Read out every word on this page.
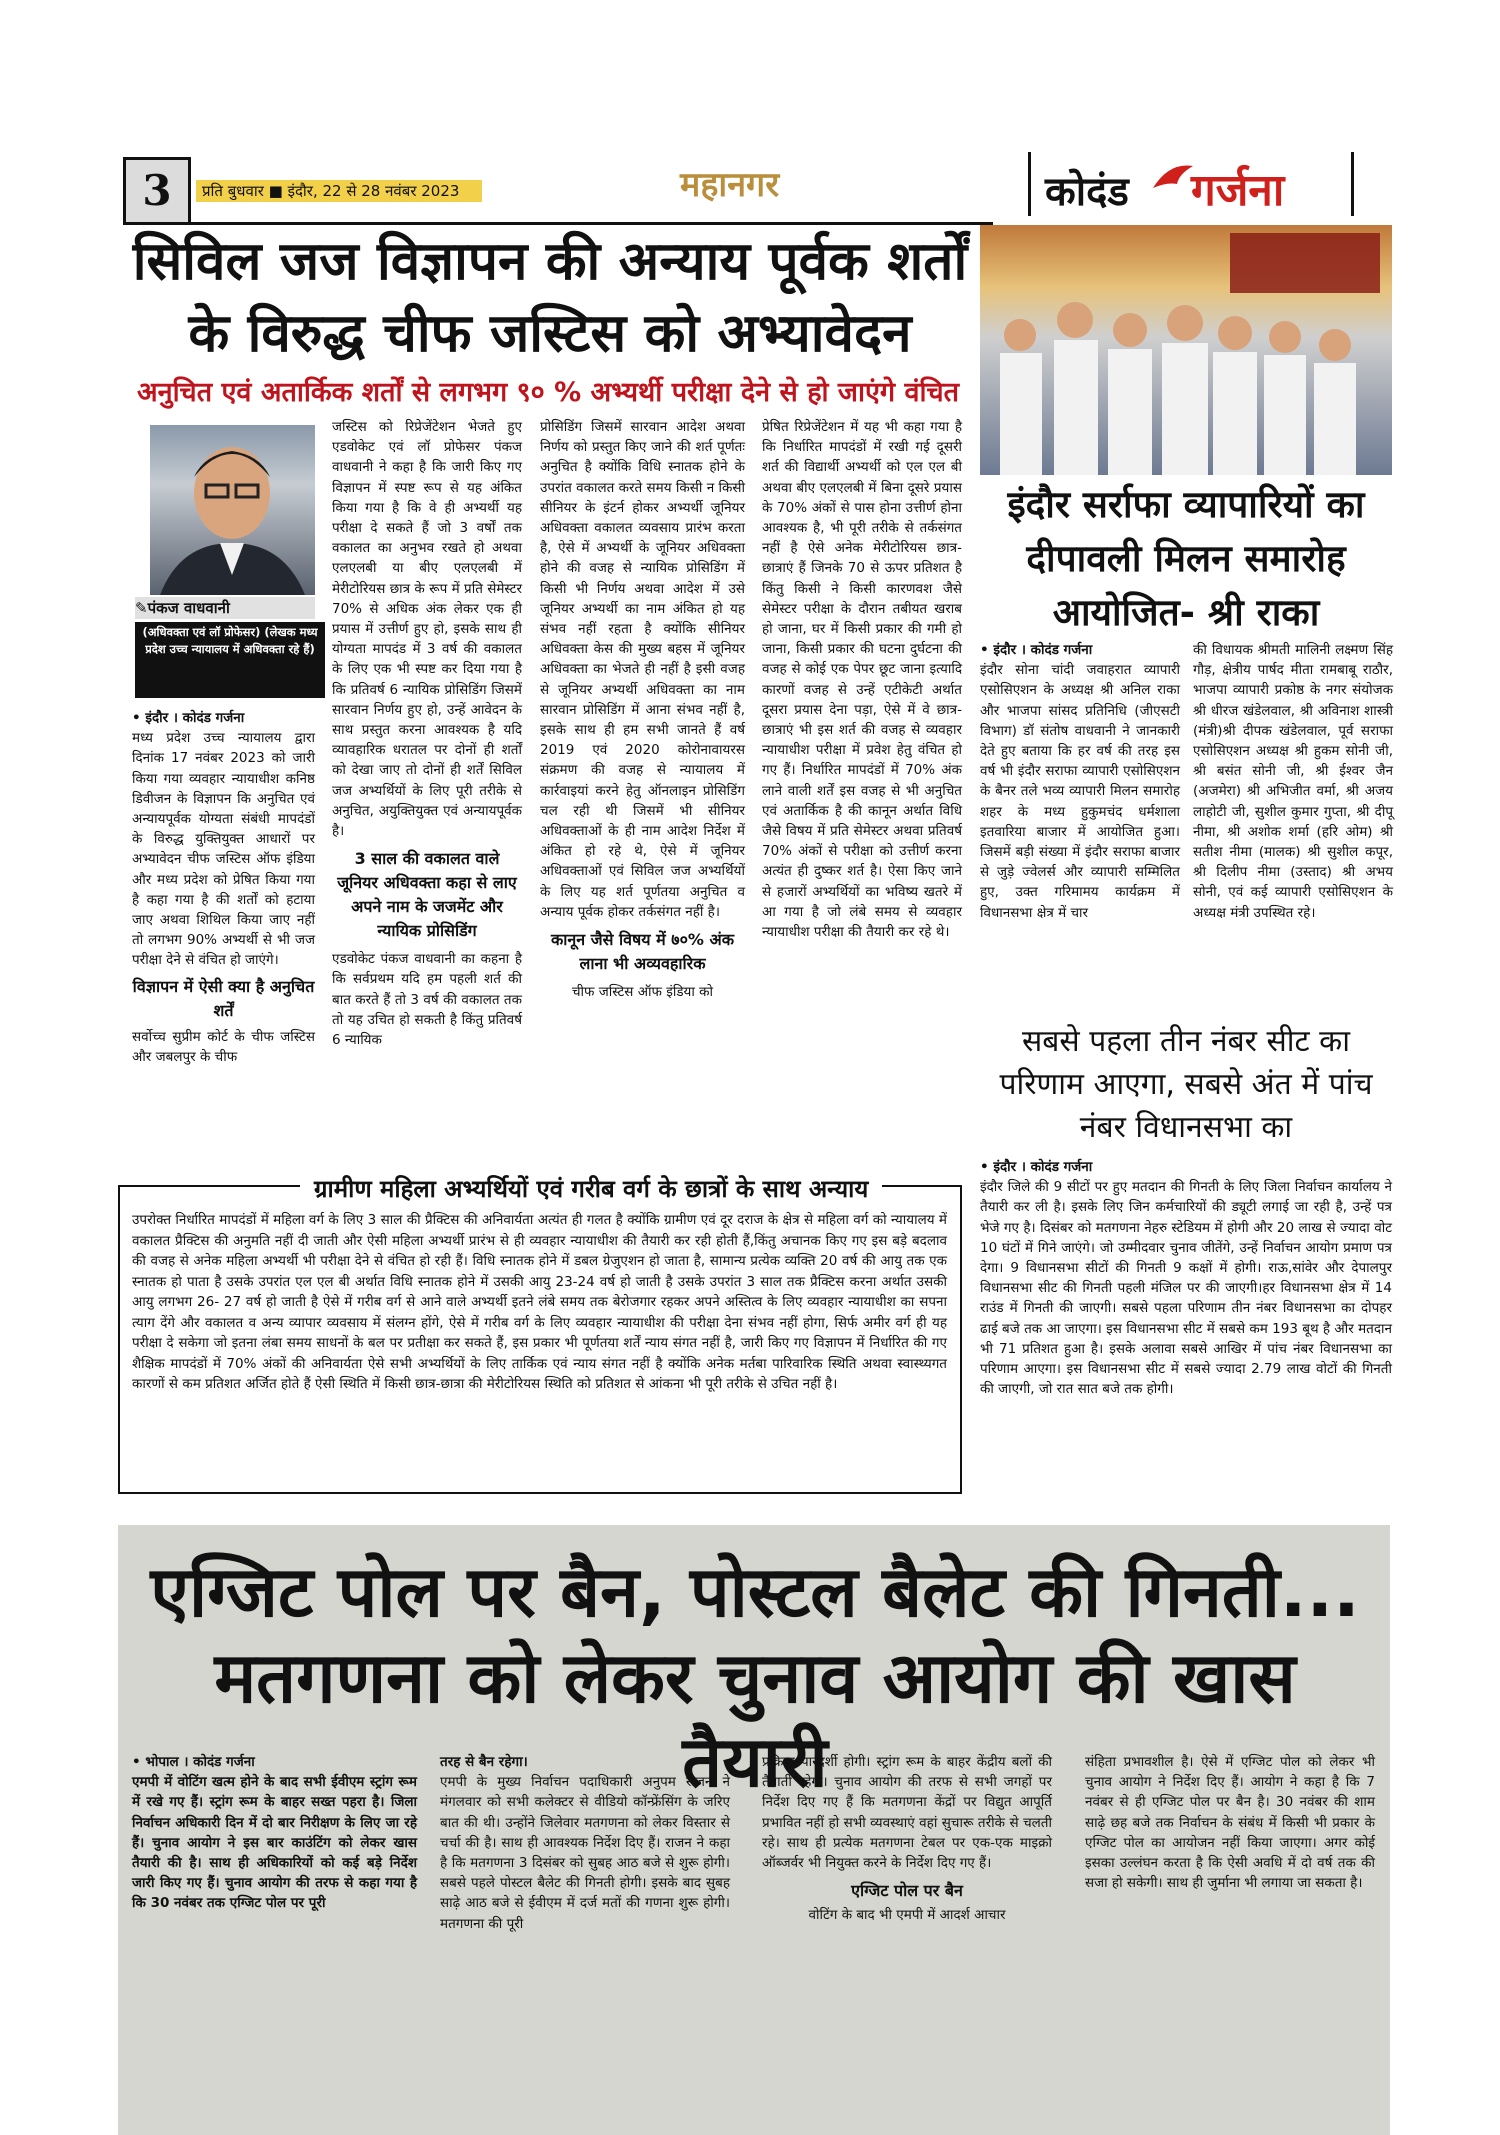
3	प्रति बुधवार ■ इंदौर, 22 से 28 नवंबर 2023	महानगर	कोदंड गर्जना
सिविल जज विज्ञापन की अन्याय पूर्वक शर्तों
के विरुद्ध चीफ जस्टिस को अभ्यावेदन
अनुचित एवं अतार्किक शर्तों से लगभग ९० % अभ्यर्थी परीक्षा देने से हो जाएंगे वंचित
✎पंकज वाधवानी
(अधिवक्ता एवं लॉ प्रोफेसर) (लेखक मध्य प्रदेश उच्च न्यायालय में अधिवक्ता रहे हैं)

• इंदौर । कोदंड गर्जना

मध्य प्रदेश उच्च न्यायालय द्वारा दिनांक 17 नवंबर 2023 को जारी किया गया व्यवहार न्यायाधीश कनिष्ठ डिवीजन के विज्ञापन कि अनुचित एवं अन्यायपूर्वक योग्यता संबंधी मापदंडों के विरुद्ध युक्तियुक्त आधारों पर अभ्यावेदन चीफ जस्टिस ऑफ इंडिया और मध्य प्रदेश को प्रेषित किया गया है कहा गया है की शर्तों को हटाया जाए अथवा शिथिल किया जाए नहीं तो लगभग 90% अभ्यर्थी से भी जज परीक्षा देने से वंचित हो जाएंगे।

विज्ञापन में ऐसी क्या है अनुचित शर्तें

सर्वोच्च सुप्रीम कोर्ट के चीफ जस्टिस और जबलपुर के चीफ

जस्टिस को रिप्रेजेंटेशन भेजते हुए एडवोकेट एवं लॉ प्रोफेसर पंकज वाधवानी ने कहा है कि जारी किए गए विज्ञापन में स्पष्ट रूप से यह अंकित किया गया है कि वे ही अभ्यर्थी यह परीक्षा दे सकते हैं जो 3 वर्षों तक वकालत का अनुभव रखते हो अथवा एलएलबी या बीए एलएलबी में मेरीटोरियस छात्र के रूप में प्रति सेमेस्टर 70% से अधिक अंक लेकर एक ही प्रयास में उत्तीर्ण हुए हो, इसके साथ ही योग्यता मापदंड में 3 वर्ष की वकालत के लिए एक भी स्पष्ट कर दिया गया है कि प्रतिवर्ष 6 न्यायिक प्रोसिडिंग जिसमें सारवान निर्णय हुए हो, उन्हें आवेदन के साथ प्रस्तुत करना आवश्यक है यदि व्यावहारिक धरातल पर दोनों ही शर्तों को देखा जाए तो दोनों ही शर्तें सिविल जज अभ्यर्थियों के लिए पूरी तरीके से अनुचित, अयुक्तियुक्त एवं अन्यायपूर्वक है।

3 साल की वकालत वाले जूनियर अधिवक्ता कहा से लाए अपने नाम के जजमेंट और न्यायिक प्रोसिडिंग

एडवोकेट पंकज वाधवानी का कहना है कि सर्वप्रथम यदि हम पहली शर्त की बात करते हैं तो 3 वर्ष की वकालत तक तो यह उचित हो सकती है किंतु प्रतिवर्ष 6 न्यायिक

प्रोसिडिंग जिसमें सारवान आदेश अथवा निर्णय को प्रस्तुत किए जाने की शर्त पूर्णतः अनुचित है क्योंकि विधि स्नातक होने के उपरांत वकालत करते समय किसी न किसी सीनियर के इंटर्न होकर अभ्यर्थी जूनियर अधिवक्ता वकालत व्यवसाय प्रारंभ करता है, ऐसे में अभ्यर्थी के जूनियर अधिवक्ता होने की वजह से न्यायिक प्रोसिडिंग में किसी भी निर्णय अथवा आदेश में उसे जूनियर अभ्यर्थी का नाम अंकित हो यह संभव नहीं रहता है क्योंकि सीनियर अधिवक्ता केस की मुख्य बहस में जूनियर अधिवक्ता का भेजते ही नहीं है इसी वजह से जूनियर अभ्यर्थी अधिवक्ता का नाम सारवान प्रोसिडिंग में आना संभव नहीं है, इसके साथ ही हम सभी जानते हैं वर्ष 2019 एवं 2020 कोरोनावायरस संक्रमण की वजह से न्यायालय में कार्रवाइयां करने हेतु ऑनलाइन प्रोसिडिंग चल रही थी जिसमें भी सीनियर अधिवक्ताओं के ही नाम आदेश निर्देश में अंकित हो रहे थे, ऐसे में जूनियर अधिवक्ताओं एवं सिविल जज अभ्यर्थियों के लिए यह शर्त पूर्णतया अनुचित व अन्याय पूर्वक होकर तर्कसंगत नहीं है।

कानून जैसे विषय में ७०% अंक लाना भी अव्यवहारिक

चीफ जस्टिस ऑफ इंडिया को

प्रेषित रिप्रेजेंटेशन में यह भी कहा गया है कि निर्धारित मापदंडों में रखी गई दूसरी शर्त की विद्यार्थी अभ्यर्थी को एल एल बी अथवा बीए एलएलबी में बिना दूसरे प्रयास के 70% अंकों से पास होना उत्तीर्ण होना आवश्यक है, भी पूरी तरीके से तर्कसंगत नहीं है ऐसे अनेक मेरीटोरियस छात्र-छात्राएं हैं जिनके 70 से ऊपर प्रतिशत है किंतु किसी ने किसी कारणवश जैसे सेमेस्टर परीक्षा के दौरान तबीयत खराब हो जाना, घर में किसी प्रकार की गमी हो जाना, किसी प्रकार की घटना दुर्घटना की वजह से कोई एक पेपर छूट जाना इत्यादि कारणों वजह से उन्हें एटीकेटी अर्थात दूसरा प्रयास देना पड़ा, ऐसे में वे छात्र-छात्राएं भी इस शर्त की वजह से व्यवहार न्यायाधीश परीक्षा में प्रवेश हेतु वंचित हो गए हैं। निर्धारित मापदंडों में 70% अंक लाने वाली शर्तें इस वजह से भी अनुचित एवं अतार्किक है की कानून अर्थात विधि जैसे विषय में प्रति सेमेस्टर अथवा प्रतिवर्ष 70% अंकों से परीक्षा को उत्तीर्ण करना अत्यंत ही दुष्कर शर्त है। ऐसा किए जाने से हजारों अभ्यर्थियों का भविष्य खतरे में आ गया है जो लंबे समय से व्यवहार न्यायाधीश परीक्षा की तैयारी कर रहे थे।

ग्रामीण महिला अभ्यर्थियों एवं गरीब वर्ग के छात्रों के साथ अन्याय

उपरोक्त निर्धारित मापदंडों में महिला वर्ग के लिए 3 साल की प्रैक्टिस की अनिवार्यता अत्यंत ही गलत है क्योंकि ग्रामीण एवं दूर दराज के क्षेत्र से महिला वर्ग को न्यायालय में वकालत प्रैक्टिस की अनुमति नहीं दी जाती और ऐसी महिला अभ्यर्थी प्रारंभ से ही व्यवहार न्यायाधीश की तैयारी कर रही होती हैं,किंतु अचानक किए गए इस बड़े बदलाव की वजह से अनेक महिला अभ्यर्थी भी परीक्षा देने से वंचित हो रही हैं। विधि स्नातक होने में डबल ग्रेजुएशन हो जाता है, सामान्य प्रत्येक व्यक्ति 20 वर्ष की आयु तक एक स्नातक हो पाता है उसके उपरांत एल एल बी अर्थात विधि स्नातक होने में उसकी आयु 23-24 वर्ष हो जाती है उसके उपरांत 3 साल तक प्रैक्टिस करना अर्थात उसकी आयु लगभग 26- 27 वर्ष हो जाती है ऐसे में गरीब वर्ग से आने वाले अभ्यर्थी इतने लंबे समय तक बेरोजगार रहकर अपने अस्तित्व के लिए व्यवहार न्यायाधीश का सपना त्याग देंगे और वकालत व अन्य व्यापार व्यवसाय में संलग्न होंगे, ऐसे में गरीब वर्ग के लिए व्यवहार न्यायाधीश की परीक्षा देना संभव नहीं होगा, सिर्फ अमीर वर्ग ही यह परीक्षा दे सकेगा जो इतना लंबा समय साधनों के बल पर प्रतीक्षा कर सकते हैं, इस प्रकार भी पूर्णतया शर्तें न्याय संगत नहीं है, जारी किए गए विज्ञापन में निर्धारित की गए शैक्षिक मापदंडों में 70% अंकों की अनिवार्यता ऐसे सभी अभ्यर्थियों के लिए तार्किक एवं न्याय संगत नहीं है क्योंकि अनेक मर्तबा पारिवारिक स्थिति अथवा स्वास्थ्यगत कारणों से कम प्रतिशत अर्जित होते हैं ऐसी स्थिति में किसी छात्र-छात्रा की मेरीटोरियस स्थिति को प्रतिशत से आंकना भी पूरी तरीके से उचित नहीं है।

इंदौर सर्राफा व्यापारियों का दीपावली मिलन समारोह आयोजित- श्री राका

• इंदौर । कोदंड गर्जना

इंदौर सोना चांदी जवाहरात व्यापारी एसोसिएशन के अध्यक्ष श्री अनिल राका और भाजपा सांसद प्रतिनिधि (जीएसटी विभाग) डॉ संतोष वाधवानी ने जानकारी देते हुए बताया कि हर वर्ष की तरह इस वर्ष भी इंदौर सराफा व्यापारी एसोसिएशन के बैनर तले भव्य व्यापारी मिलन समारोह शहर के मध्य हुकुमचंद धर्मशाला इतवारिया बाजार में आयोजित हुआ। जिसमें बड़ी संख्या में इंदौर सराफा बाजार से जुड़े ज्वेलर्स और व्यापारी सम्मिलित हुए, उक्त गरिमामय कार्यक्रम में विधानसभा क्षेत्र में चार

की विधायक श्रीमती मालिनी लक्ष्मण सिंह गौड़, क्षेत्रीय पार्षद मीता रामबाबू राठौर, भाजपा व्यापारी प्रकोष्ठ के नगर संयोजक श्री धीरज खंडेलवाल, श्री अविनाश शास्त्री (मंत्री)श्री दीपक खंडेलवाल, पूर्व सराफा एसोसिएशन अध्यक्ष श्री हुकम सोनी जी, श्री बसंत सोनी जी, श्री ईश्वर जैन (अजमेरा) श्री अभिजीत वर्मा, श्री अजय लाहोटी जी, सुशील कुमार गुप्ता, श्री दीपू नीमा, श्री अशोक शर्मा (हरि ओम) श्री सतीश नीमा (मालक) श्री सुशील कपूर, श्री दिलीप नीमा (उस्ताद) श्री अभय सोनी, एवं कई व्यापारी एसोसिएशन के अध्यक्ष मंत्री उपस्थित रहे।

सबसे पहला तीन नंबर सीट का परिणाम आएगा, सबसे अंत में पांच नंबर विधानसभा का

• इंदौर । कोदंड गर्जना

इंदौर जिले की 9 सीटों पर हुए मतदान की गिनती के लिए जिला निर्वाचन कार्यालय ने तैयारी कर ली है। इसके लिए जिन कर्मचारियों की ड्यूटी लगाई जा रही है, उन्हें पत्र भेजे गए है। दिसंबर को मतगणना नेहरु स्टेडियम में होगी और 20 लाख से ज्यादा वोट 10 घंटों में गिने जाएंगे। जो उम्मीदवार चुनाव जीतेंगे, उन्हें निर्वाचन आयोग प्रमाण पत्र देगा। 9 विधानसभा सीटों की गिनती 9 कक्षों में होगी। राऊ,सांवेर और देपालपुर विधानसभा सीट की गिनती पहली मंजिल पर की जाएगी।हर विधानसभा क्षेत्र में 14 राउंड में गिनती की जाएगी। सबसे पहला परिणाम तीन नंबर विधानसभा का दोपहर ढाई बजे तक आ जाएगा। इस विधानसभा सीट में सबसे कम 193 बूथ है और मतदान भी 71 प्रतिशत हुआ है। इसके अलावा सबसे आखिर में पांच नंबर विधानसभा का परिणाम आएगा। इस विधानसभा सीट में सबसे ज्यादा 2.79 लाख वोटों की गिनती की जाएगी, जो रात सात बजे तक होगी।

एग्जिट पोल पर बैन, पोस्टल बैलेट की गिनती...
मतगणना को लेकर चुनाव आयोग की खास तैयारी

• भोपाल । कोदंड गर्जना

एमपी में वोटिंग खत्म होने के बाद सभी ईवीएम स्ट्रांग रूम में रखे गए हैं। स्ट्रांग रूम के बाहर सख्त पहरा है। जिला निर्वाचन अधिकारी दिन में दो बार निरीक्षण के लिए जा रहे हैं। चुनाव आयोग ने इस बार काउंटिंग को लेकर खास तैयारी की है। साथ ही अधिकारियों को कई बड़े निर्देश जारी किए गए हैं। चुनाव आयोग की तरफ से कहा गया है कि 30 नवंबर तक एग्जिट पोल पर पूरी

तरह से बैन रहेगा।

एमपी के मुख्य निर्वाचन पदाधिकारी अनुपम राजन ने मंगलवार को सभी कलेक्टर से वीडियो कॉन्फ्रेंसिंग के जरिए बात की थी। उन्होंने जिलेवार मतगणना को लेकर विस्तार से चर्चा की है। साथ ही आवश्यक निर्देश दिए हैं। राजन ने कहा है कि मतगणना 3 दिसंबर को सुबह आठ बजे से शुरू होगी। सबसे पहले पोस्टल बैलेट की गिनती होगी। इसके बाद सुबह साढ़े आठ बजे से ईवीएम में दर्ज मतों की गणना शुरू होगी। मतगणना की पूरी

प्रक्रिया पारदर्शी होगी। स्ट्रांग रूम के बाहर केंद्रीय बलों की तैनाती रहेगी। चुनाव आयोग की तरफ से सभी जगहों पर निर्देश दिए गए हैं कि मतगणना केंद्रों पर विद्युत आपूर्ति प्रभावित नहीं हो सभी व्यवस्थाएं वहां सुचारू तरीके से चलती रहे। साथ ही प्रत्येक मतगणना टेबल पर एक-एक माइक्रो ऑब्जर्वर भी नियुक्त करने के निर्देश दिए गए हैं।

एग्जिट पोल पर बैन

वोटिंग के बाद भी एमपी में आदर्श आचार

संहिता प्रभावशील है। ऐसे में एग्जिट पोल को लेकर भी चुनाव आयोग ने निर्देश दिए हैं। आयोग ने कहा है कि 7 नवंबर से ही एग्जिट पोल पर बैन है। 30 नवंबर की शाम साढ़े छह बजे तक निर्वाचन के संबंध में किसी भी प्रकार के एग्जिट पोल का आयोजन नहीं किया जाएगा। अगर कोई इसका उल्लंघन करता है कि ऐसी अवधि में दो वर्ष तक की सजा हो सकेगी। साथ ही जुर्माना भी लगाया जा सकता है।
